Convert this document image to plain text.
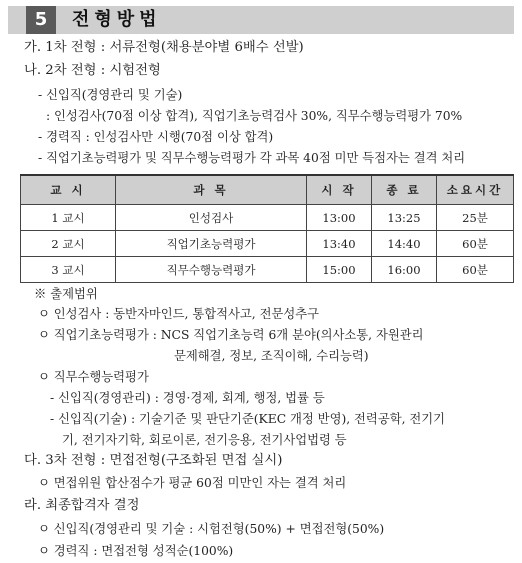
5	전형방법
가. 1차 전형 : 서류전형(채용분야별 6배수 선발)
나. 2차 전형 : 시험전형
- 신입직(경영관리 및 기술)
: 인성검사(70점 이상 합격), 직업기초능력검사 30%, 직무수행능력평가 70%
- 경력직 : 인성검사만 시행(70점 이상 합격)
- 직업기초능력평가 및 직무수행능력평가 각 과목 40점 미만 득점자는 결격 처리
교 시	과 목	시 작	종 료	소요시간
1 교시	인성검사	13:00	13:25	25분
2 교시	직업기초능력평가	13:40	14:40	60분
3 교시	직무수행능력평가	15:00	16:00	60분
※ 출제범위
ㅇ 인성검사 : 동반자마인드, 통합적사고, 전문성추구
ㅇ 직업기초능력평가 : NCS 직업기초능력 6개 분야(의사소통, 자원관리
문제해결, 정보, 조직이해, 수리능력)
ㅇ 직무수행능력평가
- 신입직(경영관리) : 경영·경제, 회계, 행정, 법률 등
- 신입직(기술) : 기술기준 및 판단기준(KEC 개정 반영), 전력공학, 전기기
기, 전기자기학, 회로이론, 전기응용, 전기사업법령 등
다. 3차 전형 : 면접전형(구조화된 면접 실시)
ㅇ 면접위원 합산점수가 평균 60점 미만인 자는 결격 처리
라. 최종합격자 결정
ㅇ 신입직(경영관리 및 기술 : 시험전형(50%) + 면접전형(50%)
ㅇ 경력직 : 면접전형 성적순(100%)
